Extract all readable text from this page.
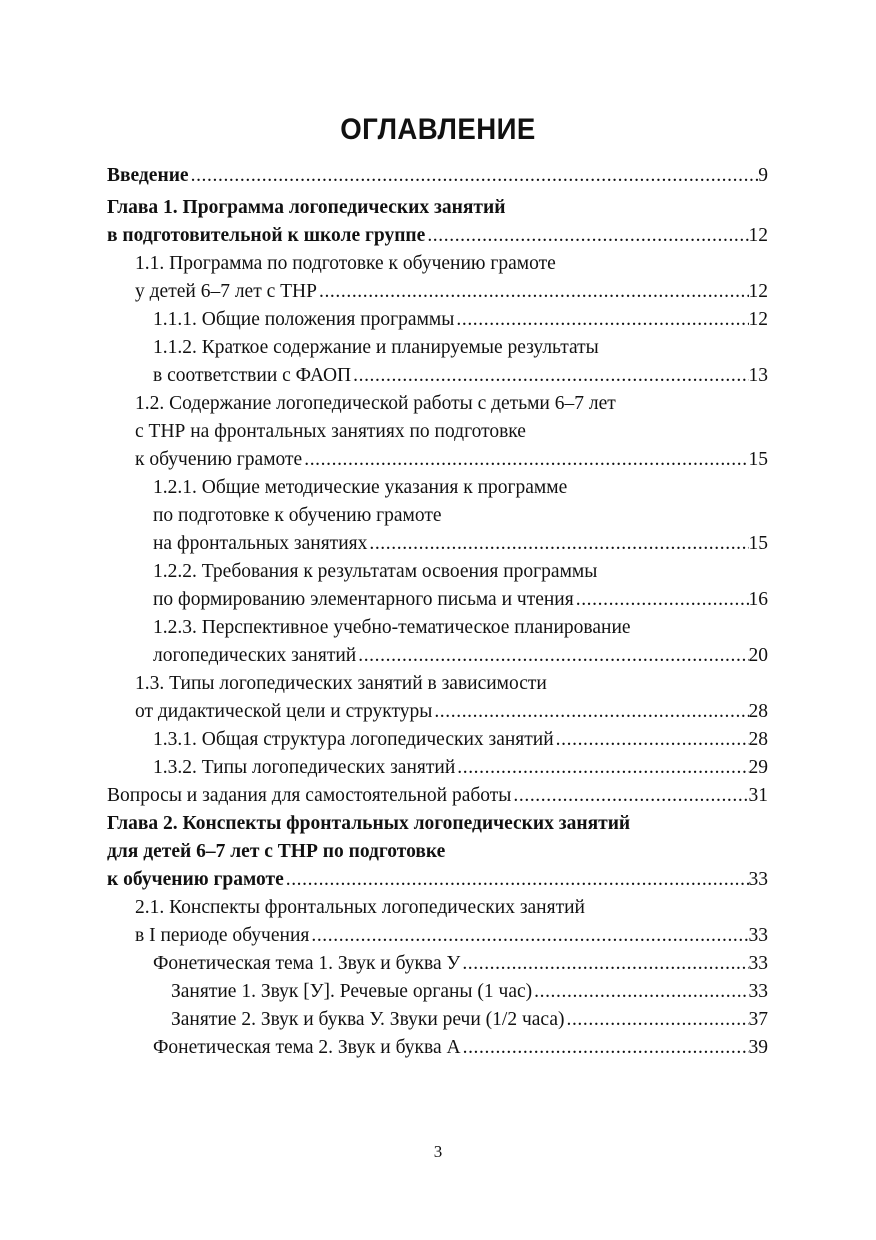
ОГЛАВЛЕНИЕ
Введение .....	9
Глава 1. Программа логопедических занятий
в подготовительной к школе группе .....	12
1.1. Программа по подготовке к обучению грамоте
у детей 6–7 лет с ТНР .....	12
1.1.1. Общие положения программы .....	12
1.1.2. Краткое содержание и планируемые результаты
в соответствии с ФАОП .....	13
1.2. Содержание логопедической работы с детьми 6–7 лет
с ТНР на фронтальных занятиях по подготовке
к обучению грамоте .....	15
1.2.1. Общие методические указания к программе
по подготовке к обучению грамоте
на фронтальных занятиях .....	15
1.2.2. Требования к результатам освоения программы
по формированию элементарного письма и чтения .....	16
1.2.3. Перспективное учебно-тематическое планирование
логопедических занятий .....	20
1.3. Типы логопедических занятий в зависимости
от дидактической цели и структуры .....	28
1.3.1. Общая структура логопедических занятий .....	28
1.3.2. Типы логопедических занятий .....	29
Вопросы и задания для самостоятельной работы .....	31
Глава 2. Конспекты фронтальных логопедических занятий
для детей 6–7 лет с ТНР по подготовке
к обучению грамоте .....	33
2.1. Конспекты фронтальных логопедических занятий
в I периоде обучения .....	33
Фонетическая тема 1. Звук и буква У .....	33
Занятие 1. Звук [У]. Речевые органы (1 час) .....	33
Занятие 2. Звук и буква У. Звуки речи (1/2 часа) .....	37
Фонетическая тема 2. Звук и буква А .....	39
3
